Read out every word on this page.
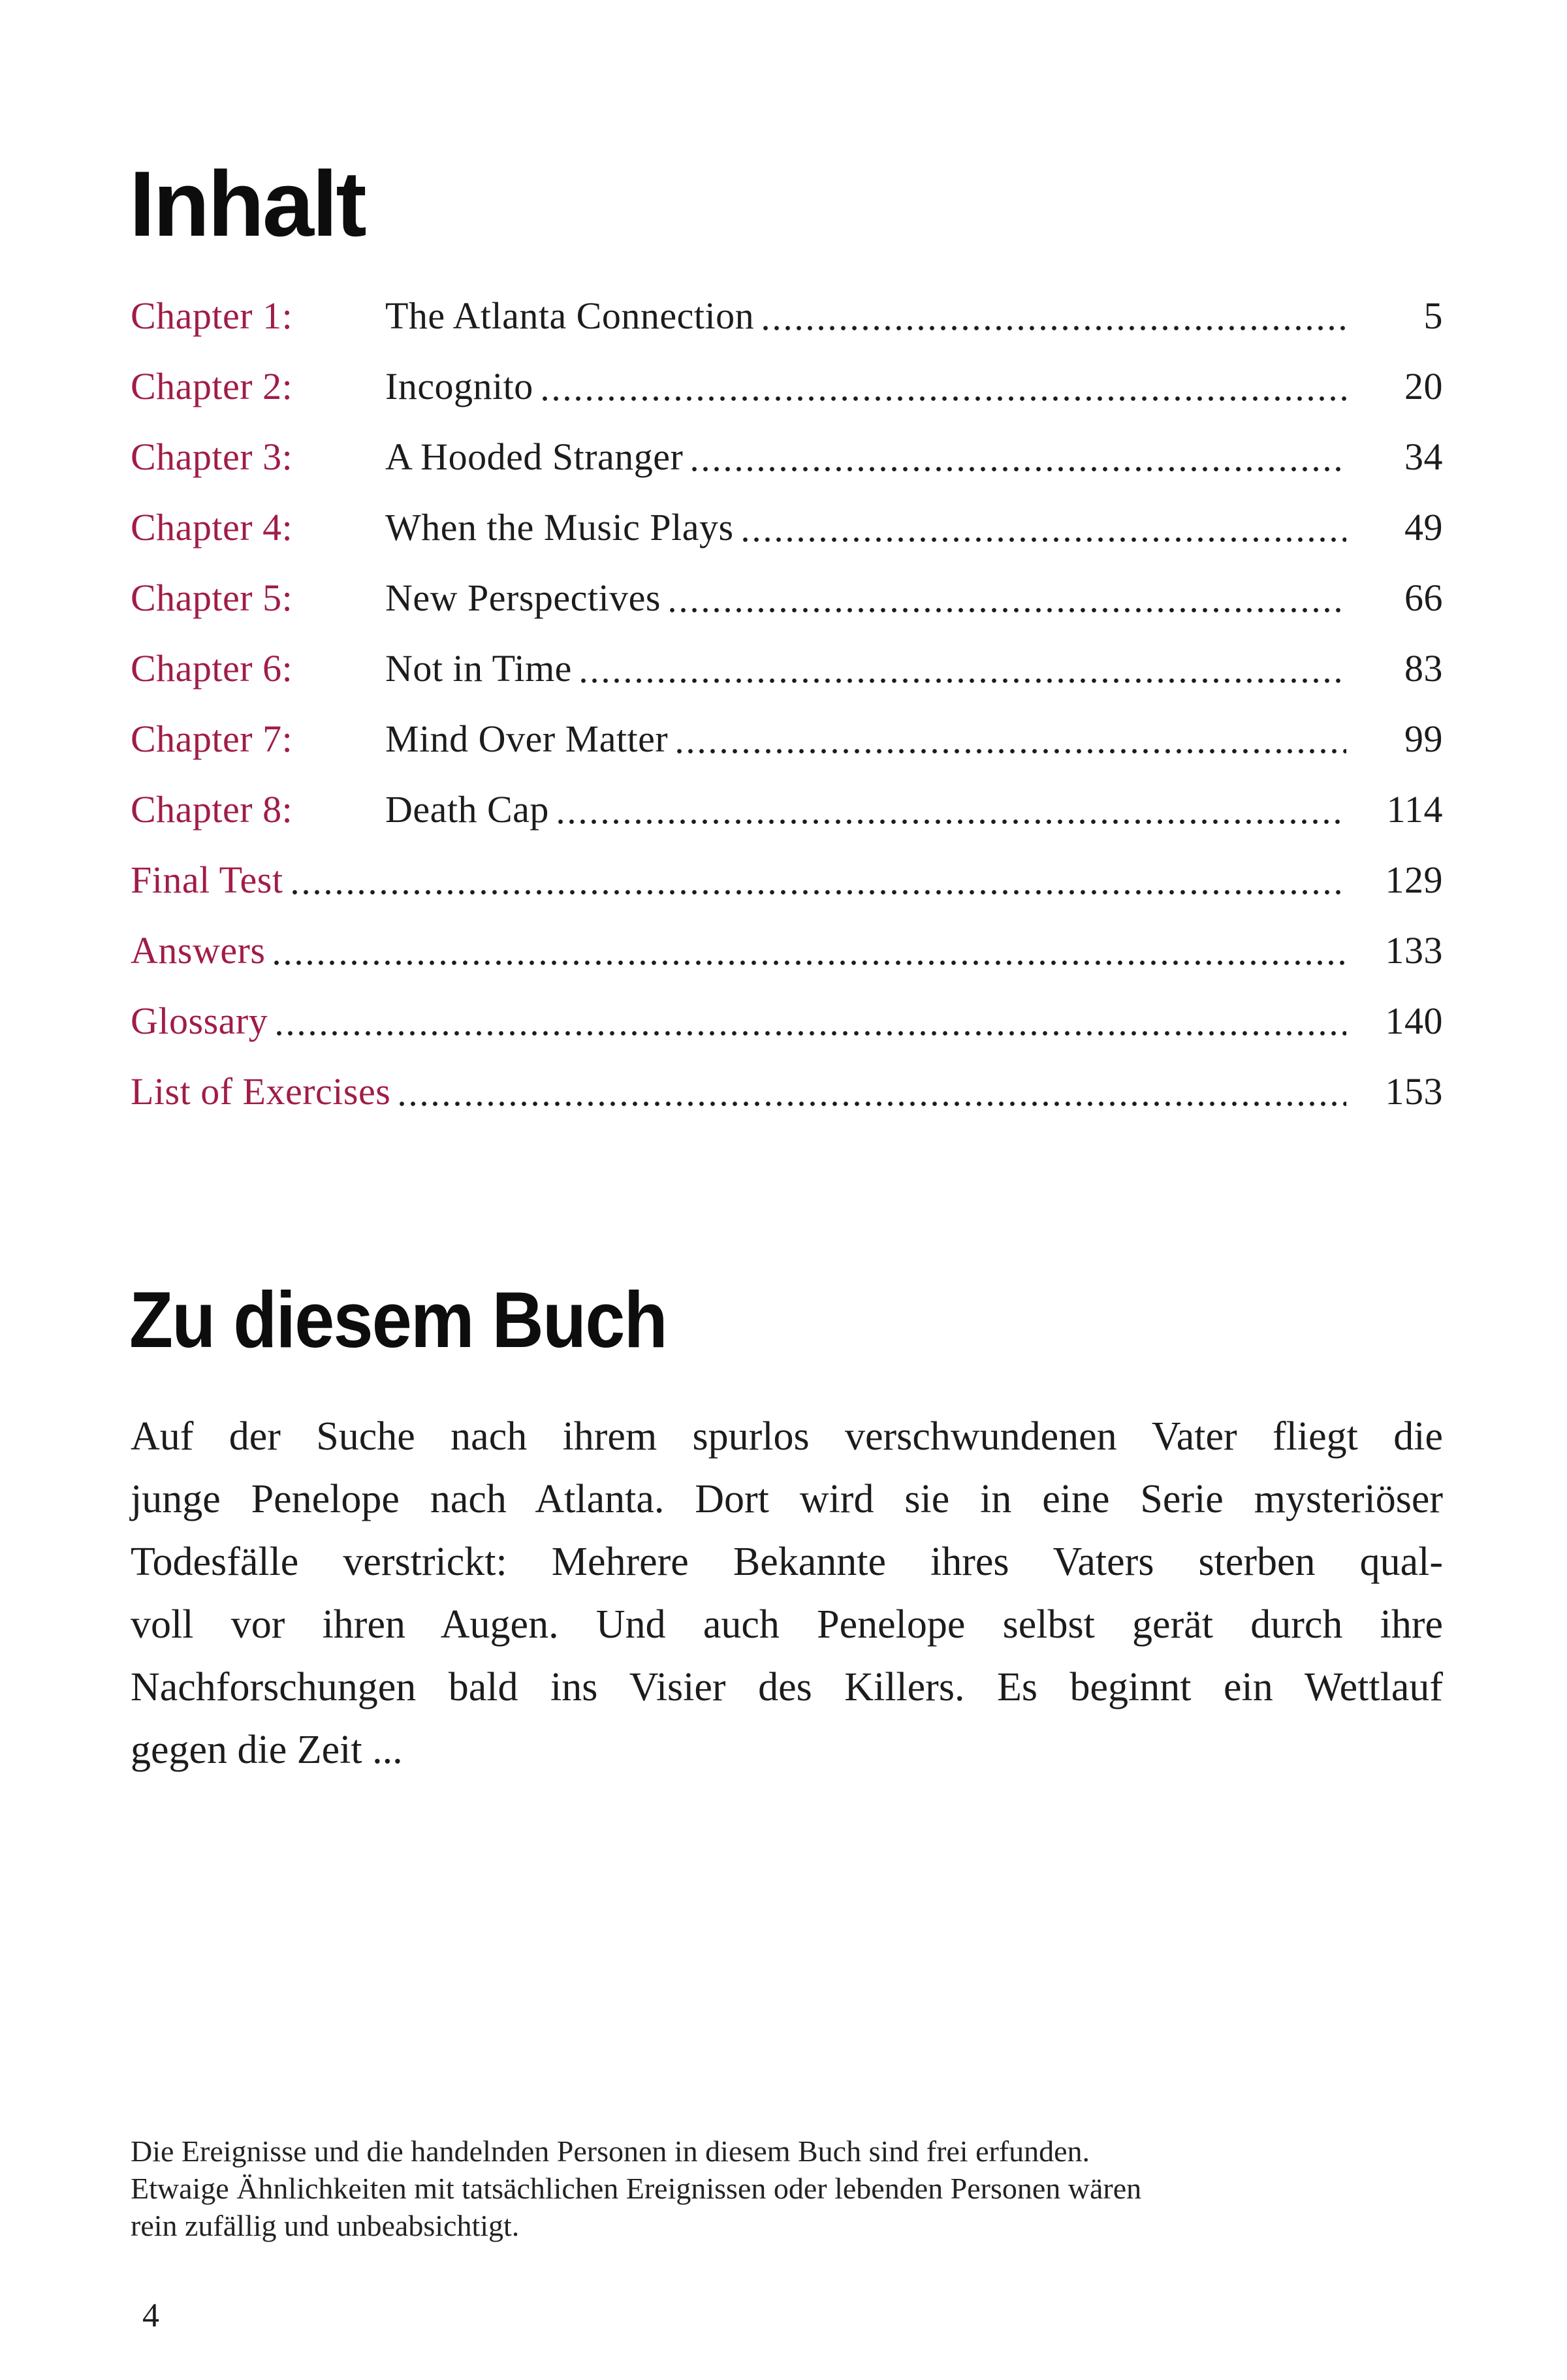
Inhalt
Chapter 1:	The Atlanta Connection	5
Chapter 2:	Incognito	20
Chapter 3:	A Hooded Stranger	34
Chapter 4:	When the Music Plays	49
Chapter 5:	New Perspectives	66
Chapter 6:	Not in Time	83
Chapter 7:	Mind Over Matter	99
Chapter 8:	Death Cap	114
Final Test	129
Answers	133
Glossary	140
List of Exercises	153
Zu diesem Buch
Auf der Suche nach ihrem spurlos verschwundenen Vater fliegt die
junge Penelope nach Atlanta. Dort wird sie in eine Serie mysteriöser
Todesfälle verstrickt: Mehrere Bekannte ihres Vaters sterben qual-
voll vor ihren Augen. Und auch Penelope selbst gerät durch ihre
Nachforschungen bald ins Visier des Killers. Es beginnt ein Wettlauf
gegen die Zeit ...
Die Ereignisse und die handelnden Personen in diesem Buch sind frei erfunden.
Etwaige Ähnlichkeiten mit tatsächlichen Ereignissen oder lebenden Personen wären
rein zufällig und unbeabsichtigt.
4
